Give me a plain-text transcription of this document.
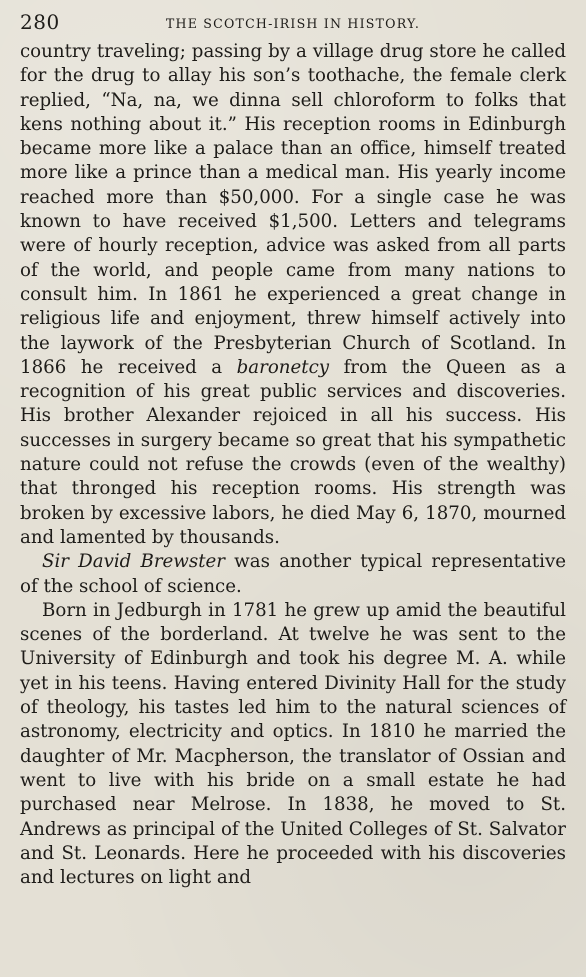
280	THE SCOTCH-IRISH IN HISTORY.

country traveling; passing by a village drug store he called for the drug to allay his son’s toothache, the female clerk replied, “Na, na, we dinna sell chloroform to folks that kens nothing about it.” His reception rooms in Edinburgh became more like a palace than an office, himself treated more like a prince than a medical man. His yearly income reached more than $50,000. For a single case he was known to have received $1,500. Letters and telegrams were of hourly reception, advice was asked from all parts of the world, and people came from many nations to consult him. In 1861 he experienced a great change in religious life and enjoyment, threw himself actively into the laywork of the Presbyterian Church of Scotland. In 1866 he received a baronetcy from the Queen as a recognition of his great public services and discoveries. His brother Alexander rejoiced in all his success. His successes in surgery became so great that his sympathetic nature could not refuse the crowds (even of the wealthy) that thronged his reception rooms. His strength was broken by excessive labors, he died May 6, 1870, mourned and lamented by thousands.

Sir David Brewster was another typical representative of the school of science.

Born in Jedburgh in 1781 he grew up amid the beautiful scenes of the borderland. At twelve he was sent to the University of Edinburgh and took his degree M. A. while yet in his teens. Having entered Divinity Hall for the study of theology, his tastes led him to the natural sciences of astronomy, electricity and optics. In 1810 he married the daughter of Mr. Macpherson, the translator of Ossian and went to live with his bride on a small estate he had purchased near Melrose. In 1838, he moved to St. Andrews as principal of the United Colleges of St. Salvator and St. Leonards. Here he proceeded with his discoveries and lectures on light and
